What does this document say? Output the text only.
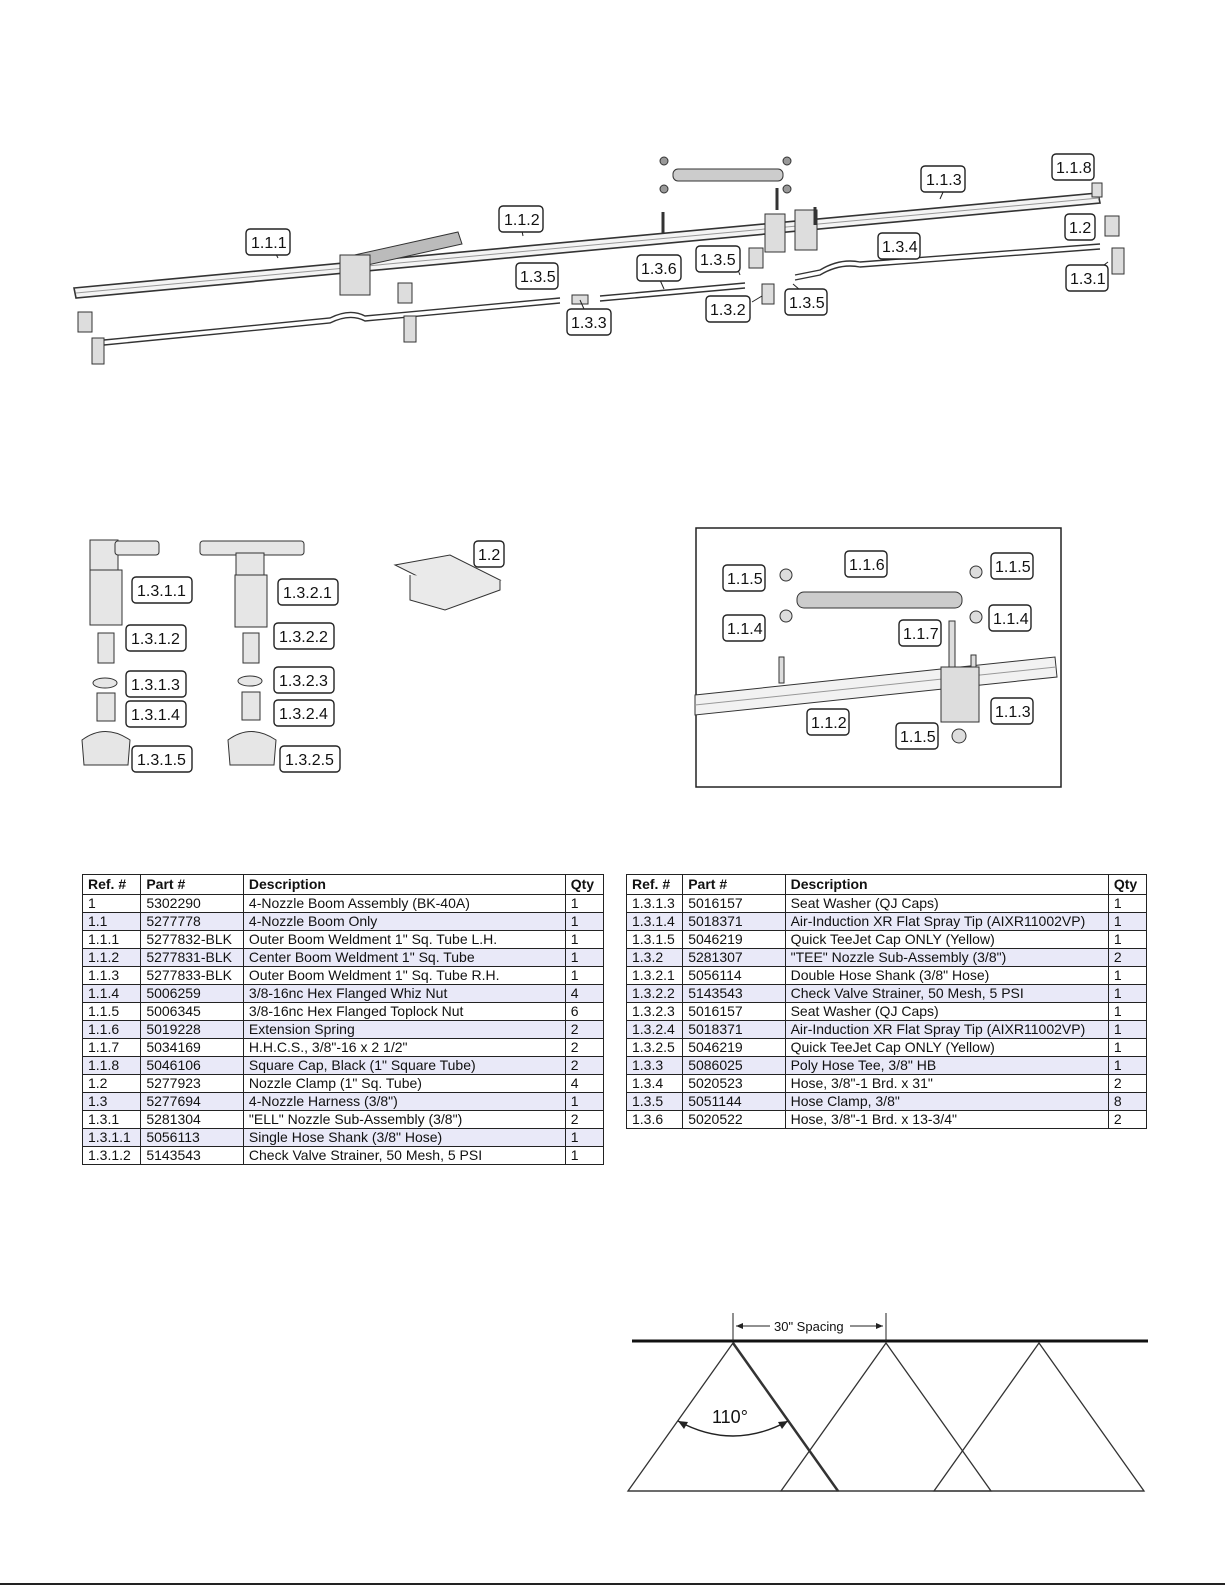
1.1.1
1.1.2
1.1.3
1.1.8
1.2
1.3.4
1.3.1
1.3.5	1.3.6
1.3.5
1.3.3
1.3.2	1.3.5
1.3.1.1
1.3.1.2
1.3.1.3
1.3.1.4
1.3.1.5
1.3.2.1
1.3.2.2
1.3.2.3
1.3.2.4
1.3.2.5
1.2
1.1.5
1.1.6	1.1.5
1.1.4	1.1.7
1.1.4
1.1.2
1.1.3
1.1.5
Ref. #	Part #	Description	Qty
1	5302290	4-Nozzle Boom Assembly (BK-40A)	1
1.1	5277778	4-Nozzle Boom Only	1
1.1.1	5277832-BLK	Outer Boom Weldment 1" Sq. Tube L.H.	1
1.1.2	5277831-BLK	Center Boom Weldment 1" Sq. Tube	1
1.1.3	5277833-BLK	Outer Boom Weldment 1" Sq. Tube R.H.	1
1.1.4	5006259	3/8-16nc Hex Flanged Whiz Nut	4
1.1.5	5006345	3/8-16nc Hex Flanged Toplock Nut	6
1.1.6	5019228	Extension Spring	2
1.1.7	5034169	H.H.C.S., 3/8"-16 x 2 1/2"	2
1.1.8	5046106	Square Cap, Black (1" Square Tube)	2
1.2	5277923	Nozzle Clamp (1" Sq. Tube)	4
1.3	5277694	4-Nozzle Harness (3/8")	1
1.3.1	5281304	"ELL" Nozzle Sub-Assembly (3/8")	2
1.3.1.1	5056113	Single Hose Shank (3/8" Hose)	1
1.3.1.2	5143543	Check Valve Strainer, 50 Mesh, 5 PSI	1
Ref. #	Part #	Description	Qty
1.3.1.3	5016157	Seat Washer (QJ Caps)	1
1.3.1.4	5018371	Air-Induction XR Flat Spray Tip (AIXR11002VP)	1
1.3.1.5	5046219	Quick TeeJet Cap ONLY (Yellow)	1
1.3.2	5281307	"TEE" Nozzle Sub-Assembly (3/8")	2
1.3.2.1	5056114	Double Hose Shank (3/8" Hose)	1
1.3.2.2	5143543	Check Valve Strainer, 50 Mesh, 5 PSI	1
1.3.2.3	5016157	Seat Washer (QJ Caps)	1
1.3.2.4	5018371	Air-Induction XR Flat Spray Tip (AIXR11002VP)	1
1.3.2.5	5046219	Quick TeeJet Cap ONLY (Yellow)	1
1.3.3	5086025	Poly Hose Tee, 3/8" HB	1
1.3.4	5020523	Hose, 3/8"-1 Brd. x 31"	2
1.3.5	5051144	Hose Clamp, 3/8"	8
1.3.6	5020522	Hose, 3/8"-1 Brd. x 13-3/4"	2
30" Spacing
110°
